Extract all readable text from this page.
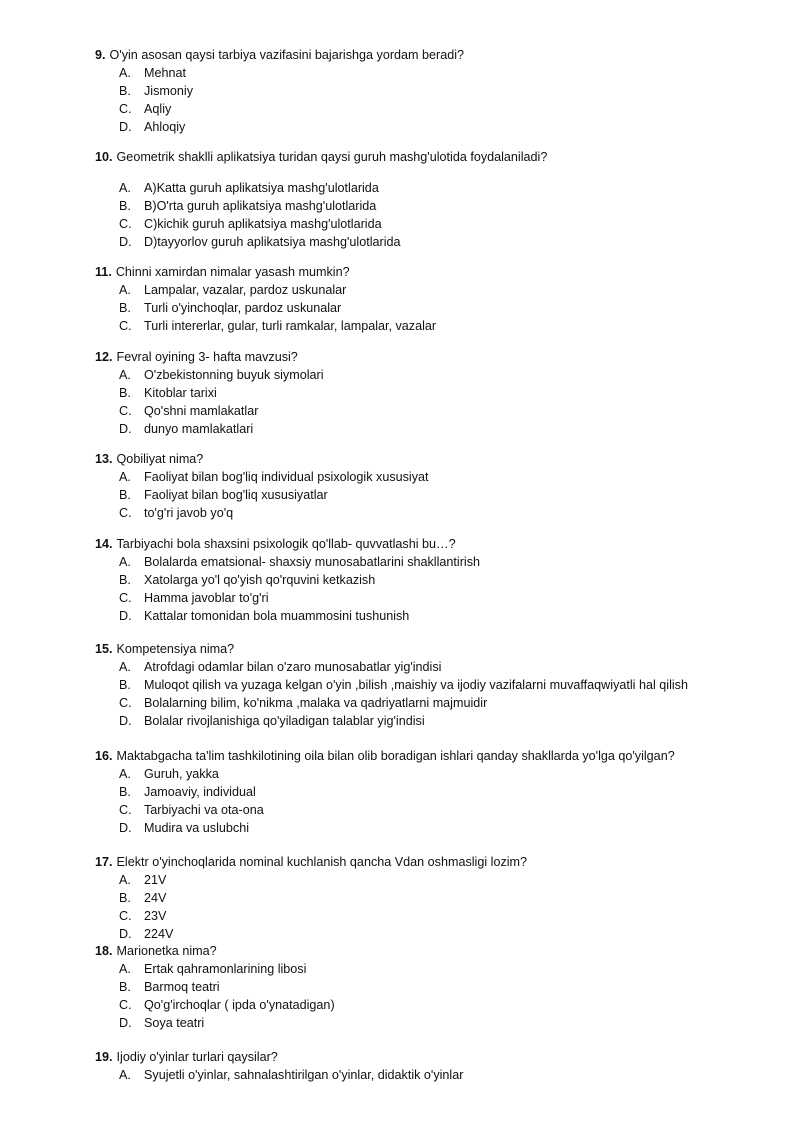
9. O'yin asosan qaysi tarbiya vazifasini bajarishga yordam beradi?
A. Mehnat
B. Jismoniy
C. Aqliy
D. Ahloqiy
10. Geometrik shaklli aplikatsiya turidan qaysi guruh mashg'ulotida foydalaniladi?
A. A)Katta guruh aplikatsiya mashg'ulotlarida
B. B)O'rta guruh aplikatsiya mashg'ulotlarida
C. C)kichik guruh aplikatsiya mashg'ulotlarida
D. D)tayyorlov guruh aplikatsiya mashg'ulotlarida
11. Chinni xamirdan nimalar yasash mumkin?
A. Lampalar, vazalar, pardoz uskunalar
B. Turli o'yinchoqlar, pardoz uskunalar
C. Turli intererlar, gular, turli ramkalar, lampalar, vazalar
12. Fevral oyining 3- hafta mavzusi?
A. O'zbekistonning buyuk siymolari
B. Kitoblar tarixi
C. Qo'shni mamlakatlar
D. dunyo mamlakatlari
13. Qobiliyat nima?
A. Faoliyat bilan bog'liq individual psixologik xususiyat
B. Faoliyat bilan bog'liq xususiyatlar
C. to'g'ri javob yo'q
14. Tarbiyachi bola shaxsini psixologik qo'llab- quvvatlashi bu…?
A. Bolalarda ematsional- shaxsiy munosabatlarini shakllantirish
B. Xatolarga yo'l qo'yish qo'rquvini ketkazish
C. Hamma javoblar to'g'ri
D. Kattalar tomonidan bola muammosini tushunish
15. Kompetensiya nima?
A. Atrofdagi odamlar bilan o'zaro munosabatlar yig'indisi
B. Muloqot qilish va yuzaga kelgan o'yin ,bilish ,maishiy va ijodiy vazifalarni muvaffaqwiyatli hal qilish
C. Bolalarning bilim, ko'nikma ,malaka va qadriyatlarni majmuidir
D. Bolalar rivojlanishiga qo'yiladigan talablar yig'indisi
16. Maktabgacha ta'lim tashkilotining oila bilan olib boradigan ishlari qanday shakllarda yo'lga qo'yilgan?
A. Guruh, yakka
B. Jamoaviy, individual
C. Tarbiyachi va ota-ona
D. Mudira va uslubchi
17. Elektr o'yinchoqlarida nominal kuchlanish qancha Vdan oshmasligi lozim?
A. 21V
B. 24V
C. 23V
D. 224V
18. Marionetka nima?
A. Ertak qahramonlarining libosi
B. Barmoq teatri
C. Qo'g'irchoqlar ( ipda o'ynatadigan)
D. Soya teatri
19. Ijodiy o'yinlar turlari qaysilar?
A. Syujetli o'yinlar, sahnalashtirilgan o'yinlar, didaktik o'yinlar
